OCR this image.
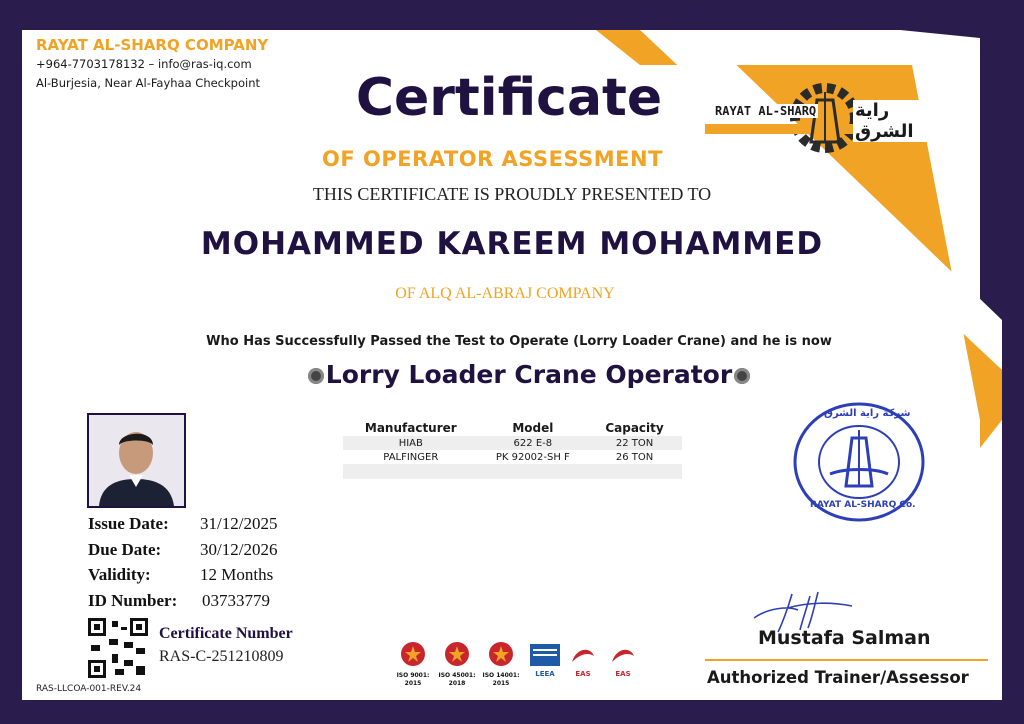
RAYAT AL-SHARQ COMPANY
+964-7703178132 – info@ras-iq.com
Al-Burjesia, Near Al-Fayhaa Checkpoint
RAYAT AL-SHARQ راية الشرق
Certificate
OF OPERATOR ASSESSMENT
THIS CERTIFICATE IS PROUDLY PRESENTED TO
MOHAMMED KAREEM MOHAMMED
OF ALQ AL-ABRAJ COMPANY
Who Has Successfully Passed the Test to Operate (Lorry Loader Crane) and he is now
Lorry Loader Crane Operator
Manufacturer	Model	Capacity
HIAB	622 E-8	22 TON
PALFINGER	PK 92002-SH F	26 TON

Issue Date: 31/12/2025
Due Date: 30/12/2026
Validity:	12 Months
ID Number: 03733779
Certificate Number
RAS-C-251210809
RAS-LLCOA-001-REV.24
شركة راية الشرق
RAYAT AL-SHARQ Co.
ISO 9001: 2015
ISO 45001: 2018
ISO 14001: 2015
LEEA	EAS	EAS
Mustafa Salman
Authorized Trainer/Assessor
